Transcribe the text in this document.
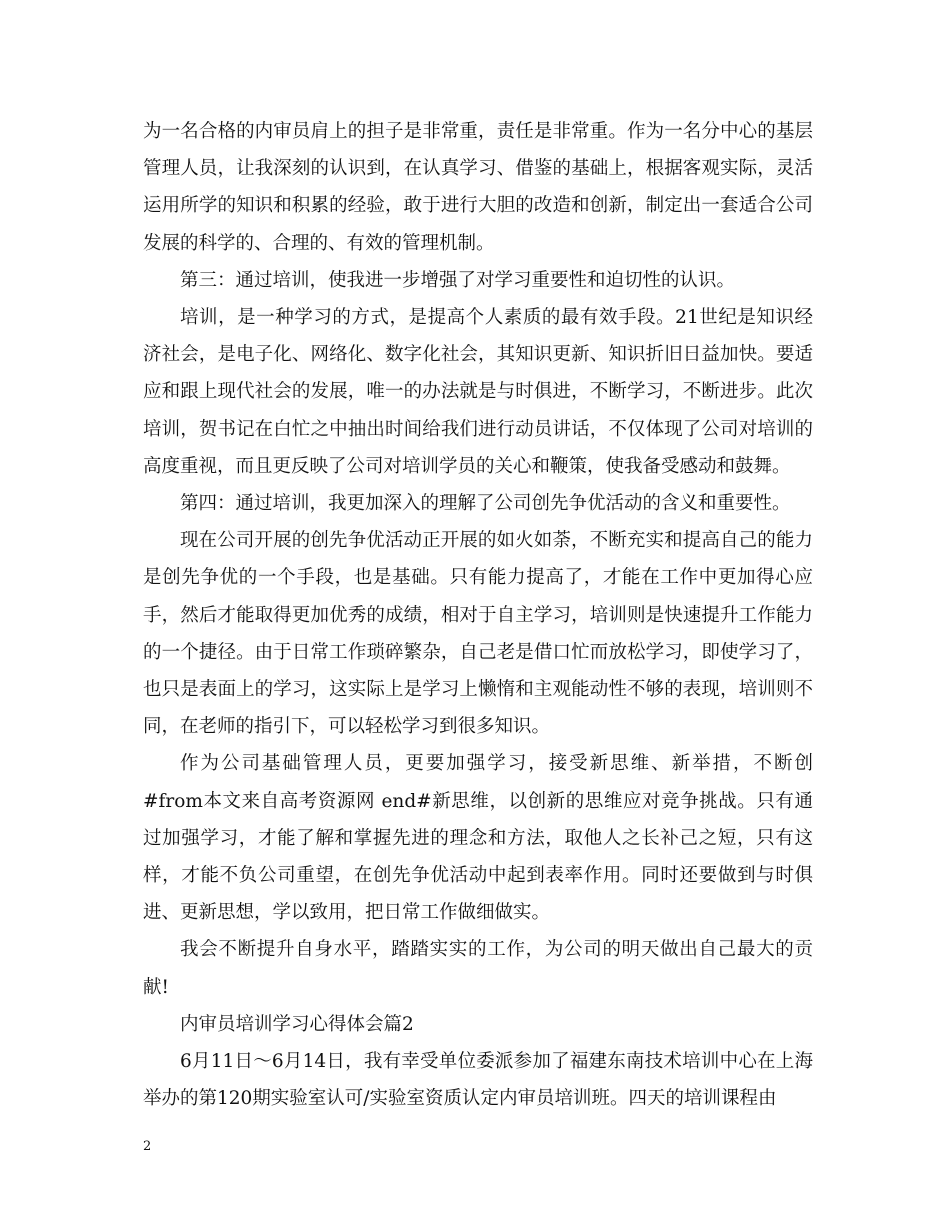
为一名合格的内审员肩上的担子是非常重，责任是非常重。作为一名分中心的基层管理人员，让我深刻的认识到，在认真学习、借鉴的基础上，根据客观实际，灵活运用所学的知识和积累的经验，敢于进行大胆的改造和创新，制定出一套适合公司发展的科学的、合理的、有效的管理机制。

第三：通过培训，使我进一步增强了对学习重要性和迫切性的认识。

培训，是一种学习的方式，是提高个人素质的最有效手段。21世纪是知识经济社会，是电子化、网络化、数字化社会，其知识更新、知识折旧日益加快。要适应和跟上现代社会的发展，唯一的办法就是与时俱进，不断学习，不断进步。此次培训，贺书记在白忙之中抽出时间给我们进行动员讲话，不仅体现了公司对培训的高度重视，而且更反映了公司对培训学员的关心和鞭策，使我备受感动和鼓舞。

第四：通过培训，我更加深入的理解了公司创先争优活动的含义和重要性。

现在公司开展的创先争优活动正开展的如火如荼，不断充实和提高自己的能力是创先争优的一个手段，也是基础。只有能力提高了，才能在工作中更加得心应手，然后才能取得更加优秀的成绩，相对于自主学习，培训则是快速提升工作能力的一个捷径。由于日常工作琐碎繁杂，自己老是借口忙而放松学习，即使学习了，也只是表面上的学习，这实际上是学习上懒惰和主观能动性不够的表现，培训则不同，在老师的指引下，可以轻松学习到很多知识。

作为公司基础管理人员，更要加强学习，接受新思维、新举措，不断创#from本文来自高考资源网 end#新思维，以创新的思维应对竞争挑战。只有通过加强学习，才能了解和掌握先进的理念和方法，取他人之长补己之短，只有这样，才能不负公司重望，在创先争优活动中起到表率作用。同时还要做到与时俱进、更新思想，学以致用，把日常工作做细做实。

我会不断提升自身水平，踏踏实实的工作，为公司的明天做出自己最大的贡献!

内审员培训学习心得体会篇2

6月11日～6月14日，我有幸受单位委派参加了福建东南技术培训中心在上海举办的第120期实验室认可/实验室资质认定内审员培训班。四天的培训课程由

2
